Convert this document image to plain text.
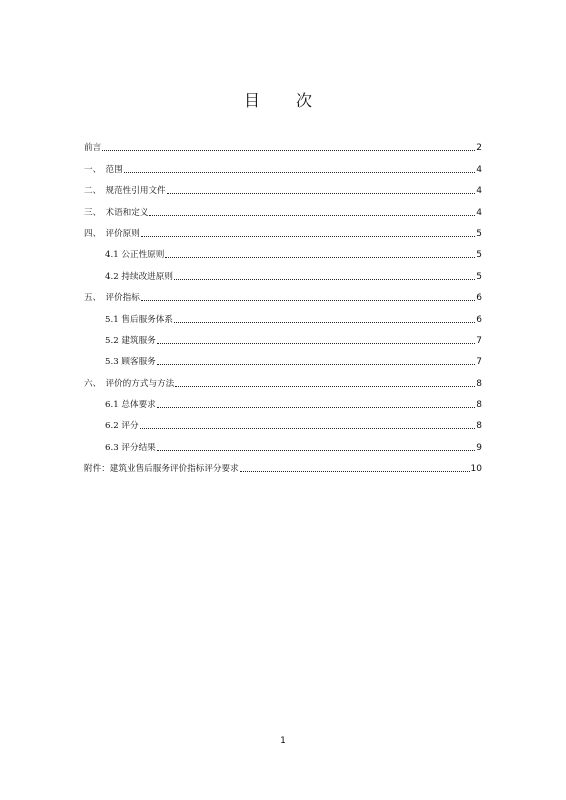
目　次
前言	2
一、　范围	4
二、　规范性引用文件	4
三、　术语和定义	4
四、　评价原则	5
4.1 公正性原则	5
4.2 持续改进原则	5
五、　评价指标	6
5.1 售后服务体系	6
5.2 建筑服务	7
5.3 顾客服务	7
六、　评价的方式与方法	8
6.1 总体要求	8
6.2 评分	8
6.3 评分结果	9
附件：建筑业售后服务评价指标评分要求	10
1
